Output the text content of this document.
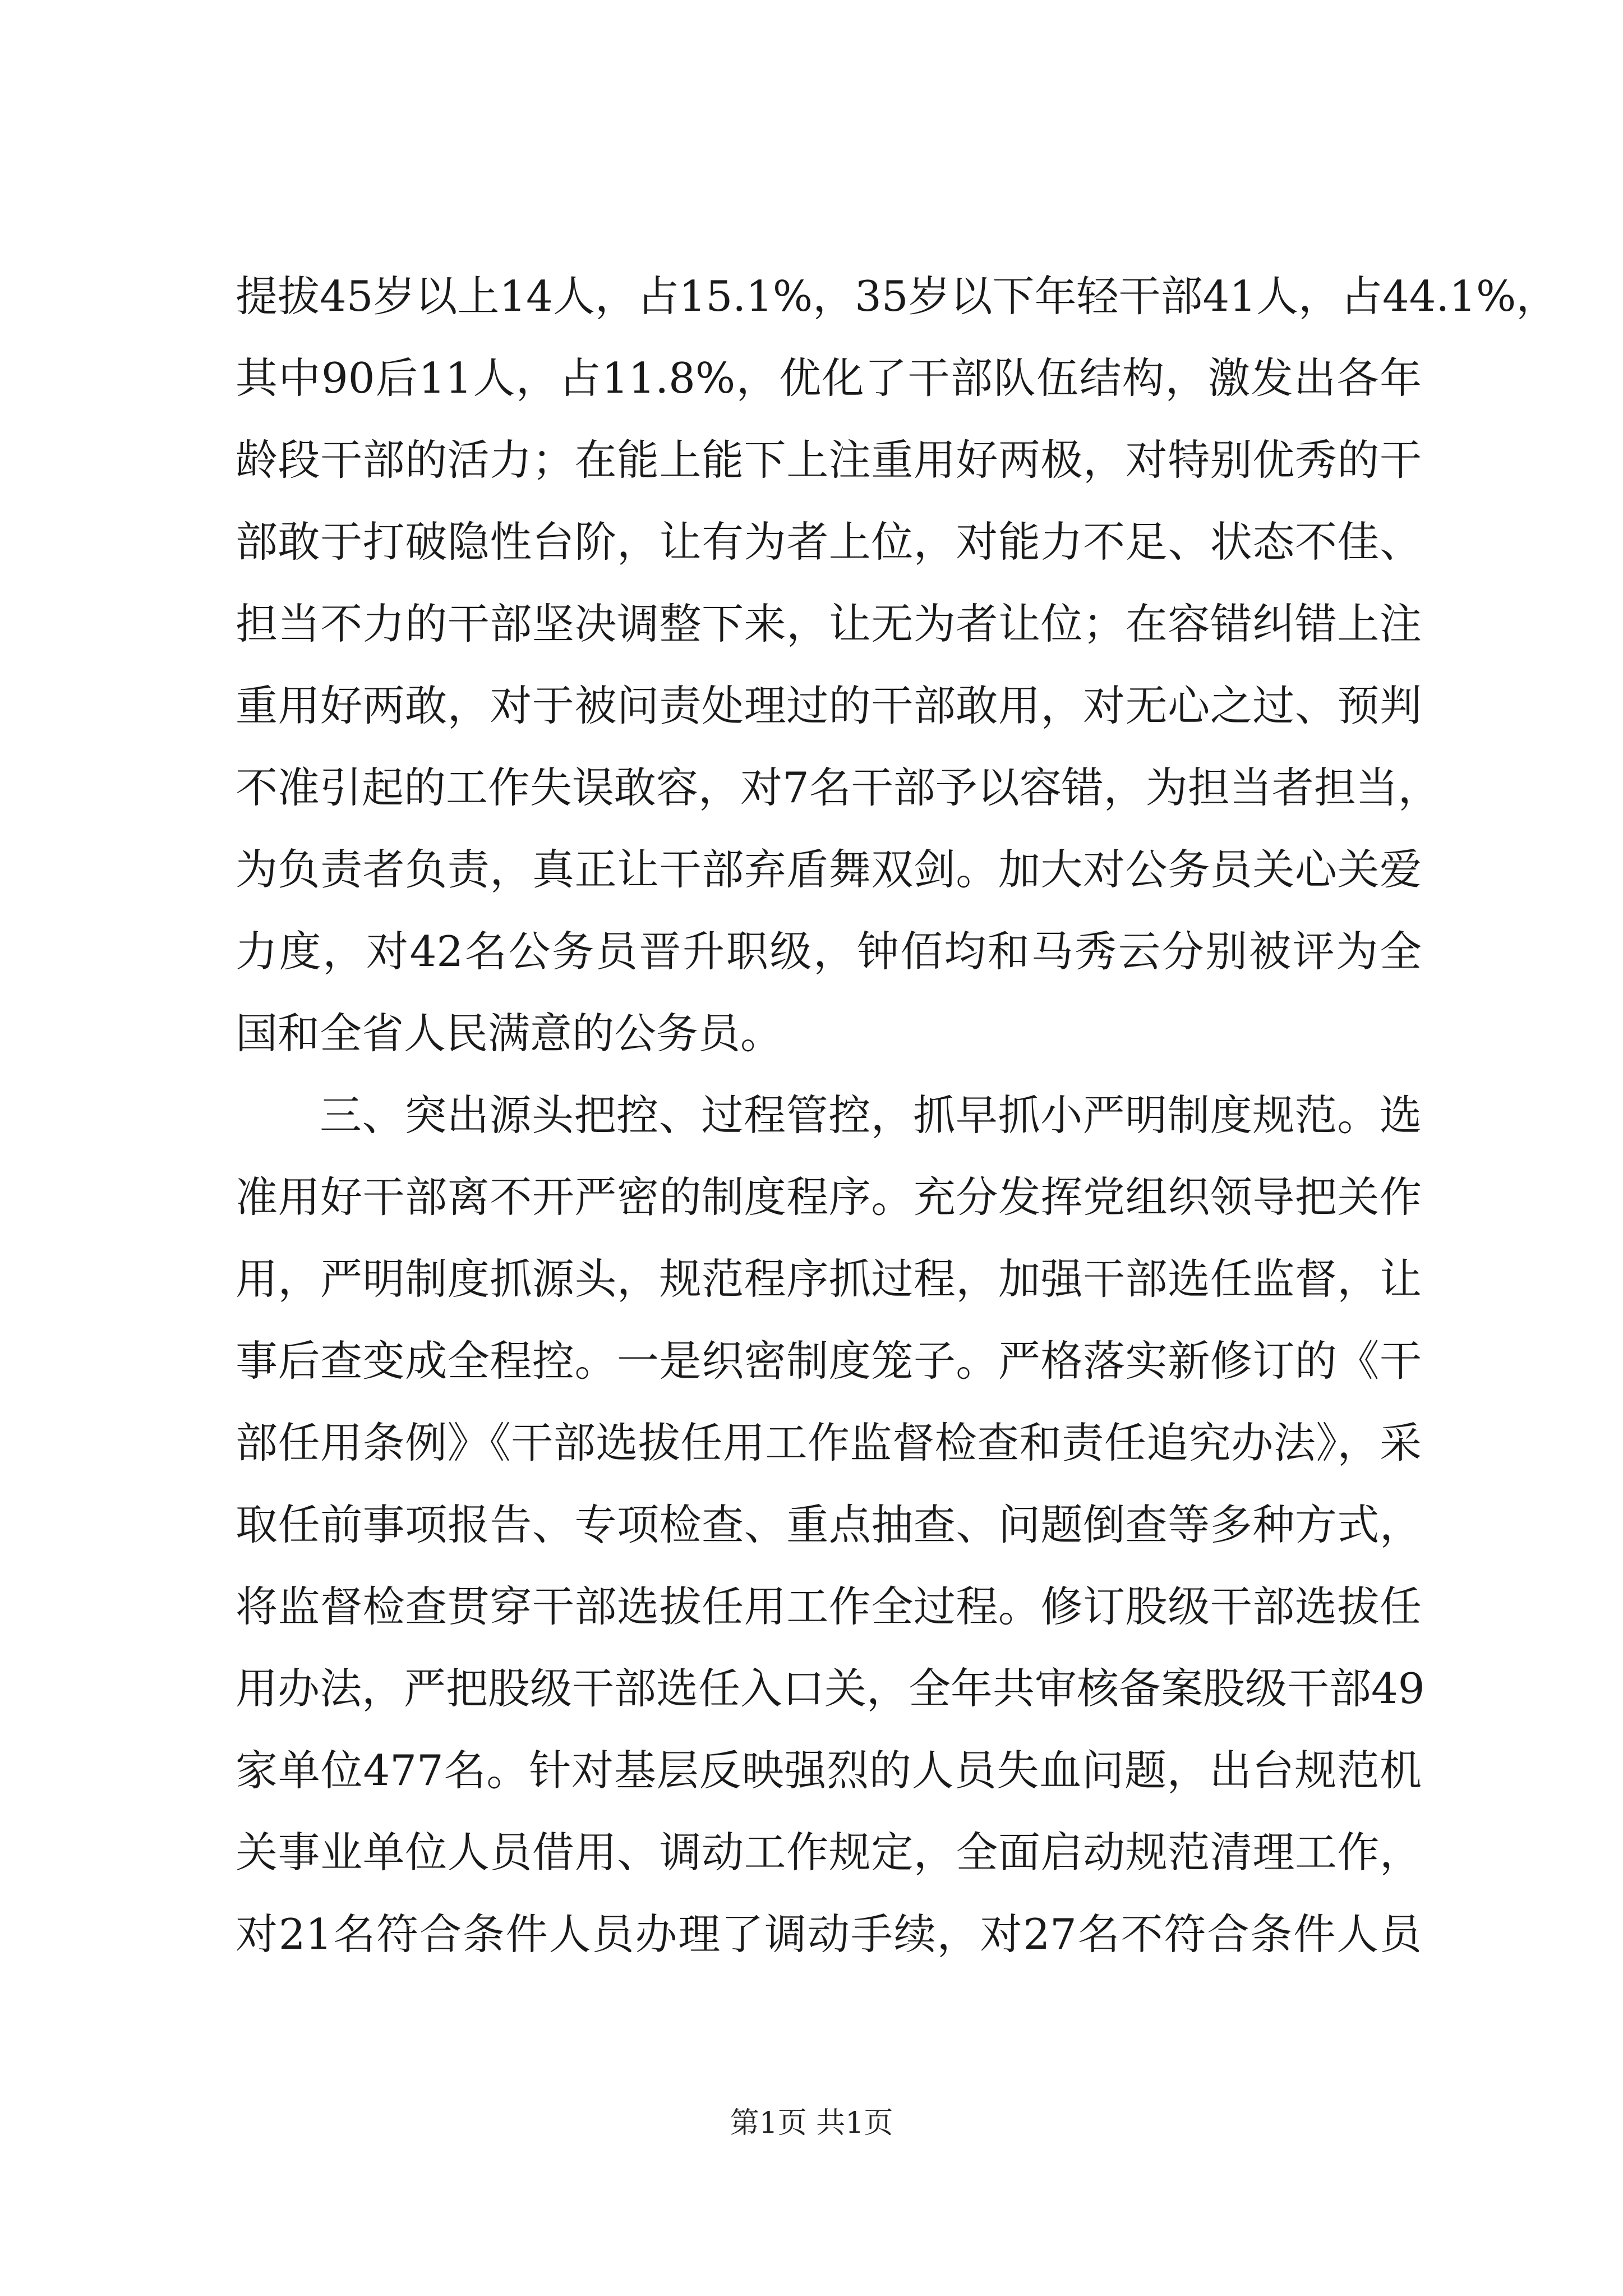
提拔45岁以上14人，占15.1%，35岁以下年轻干部41人，占44.1%，
其中90后11人，占11.8%，优化了干部队伍结构，激发出各年
龄段干部的活力；在能上能下上注重用好两极，对特别优秀的干
部敢于打破隐性台阶，让有为者上位，对能力不足、状态不佳、
担当不力的干部坚决调整下来，让无为者让位；在容错纠错上注
重用好两敢，对于被问责处理过的干部敢用，对无心之过、预判
不准引起的工作失误敢容，对7名干部予以容错，为担当者担当，
为负责者负责，真正让干部弃盾舞双剑。加大对公务员关心关爱
力度，对42名公务员晋升职级，钟佰均和马秀云分别被评为全
国和全省人民满意的公务员。
三、突出源头把控、过程管控，抓早抓小严明制度规范。选
准用好干部离不开严密的制度程序。充分发挥党组织领导把关作
用，严明制度抓源头，规范程序抓过程，加强干部选任监督，让
事后查变成全程控。一是织密制度笼子。严格落实新修订的《干
部任用条例》《干部选拔任用工作监督检查和责任追究办法》，采
取任前事项报告、专项检查、重点抽查、问题倒查等多种方式，
将监督检查贯穿干部选拔任用工作全过程。修订股级干部选拔任
用办法，严把股级干部选任入口关，全年共审核备案股级干部49
家单位477名。针对基层反映强烈的人员失血问题，出台规范机
关事业单位人员借用、调动工作规定，全面启动规范清理工作，
对21名符合条件人员办理了调动手续，对27名不符合条件人员
第1页 共1页
